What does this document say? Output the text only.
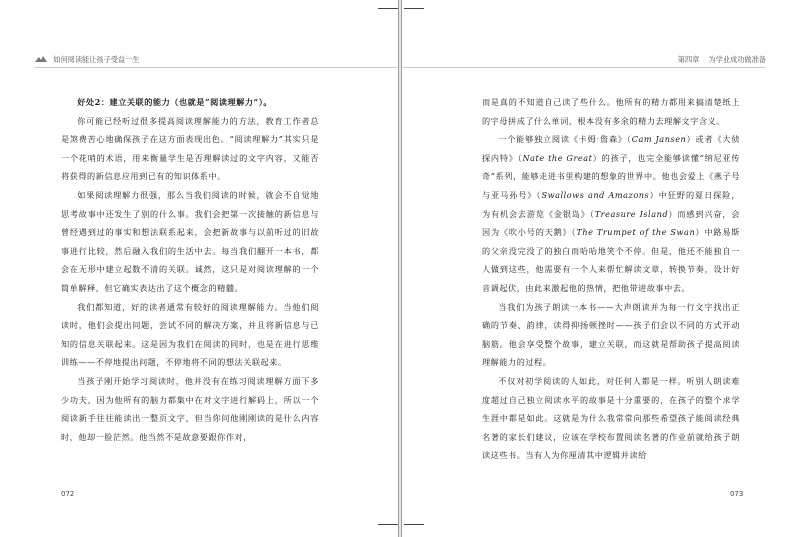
如何阅读能让孩子受益一生

好处2：建立关联的能力（也就是“阅读理解力”）。

你可能已经听过很多提高阅读理解能力的方法，教育工作者总是煞费苦心地确保孩子在这方面表现出色。“阅读理解力”其实只是一个花哨的术语，用来衡量学生是否理解读过的文字内容，又能否将获得的新信息应用到已有的知识体系中。

如果阅读理解力很强，那么当我们阅读的时候，就会不自觉地思考故事中还发生了别的什么事。我们会把第一次接触的新信息与曾经遇到过的事实和想法联系起来，会把新故事与以前听过的旧故事进行比较，然后融入我们的生活中去。每当我们翻开一本书，都会在无形中建立起数不清的关联。诚然，这只是对阅读理解的一个简单解释，但它确实表达出了这个概念的精髓。

我们都知道，好的读者通常有较好的阅读理解能力。当他们阅读时，他们会提出问题，尝试不同的解决方案，并且将新信息与已知的信息关联起来。这是因为我们在阅读的同时，也是在进行思维训练——不停地提出问题，不停地将不同的想法关联起来。

当孩子刚开始学习阅读时，他并没有在练习阅读理解方面下多少功夫，因为他所有的脑力都集中在对文字进行解码上，所以一个阅读新手往往能读出一整页文字，但当你问他刚刚读的是什么内容时，他却一脸茫然。他当然不是故意要跟你作对，

072
第四章 为学业成功做准备

而是真的不知道自己读了些什么。他所有的精力都用来搞清楚纸上的字母拼成了什么单词，根本没有多余的精力去理解文字含义。

一个能够独立阅读《卡姆·詹森》（Cam Jansen）或者《大侦探内特》（Nate the Great）的孩子，也完全能够读懂“纳尼亚传奇”系列，能够走进书里构建的想象的世界中。他也会爱上《燕子号与亚马孙号》（Swallows and Amazons）中狂野的夏日探险，为有机会去游览《金银岛》（Treasure Island）而感到兴奋，会因为《吹小号的天鹅》（The Trumpet of the Swan）中路易斯的父亲没完没了的独白而哈哈地笑个不停。但是，他还不能独自一人做到这些，他需要有一个人来帮忙解读文章，转换节奏，设计好音调起伏，由此来激起他的热情，把他带进故事中去。

当我们为孩子朗读一本书——大声朗读并为每一行文字找出正确的节奏、韵律，读得抑扬顿挫时——孩子们会以不同的方式开动脑筋。他会享受整个故事，建立关联，而这就是帮助孩子提高阅读理解能力的过程。

不仅对初学阅读的人如此，对任何人都是一样。听别人朗读难度超过自己独立阅读水平的故事是十分重要的，在孩子的整个求学生涯中都是如此。这就是为什么我常常向那些希望孩子能阅读经典名著的家长们建议，应该在学校布置阅读名著的作业前就给孩子朗读这些书。当有人为你厘清其中逻辑并读给

073
